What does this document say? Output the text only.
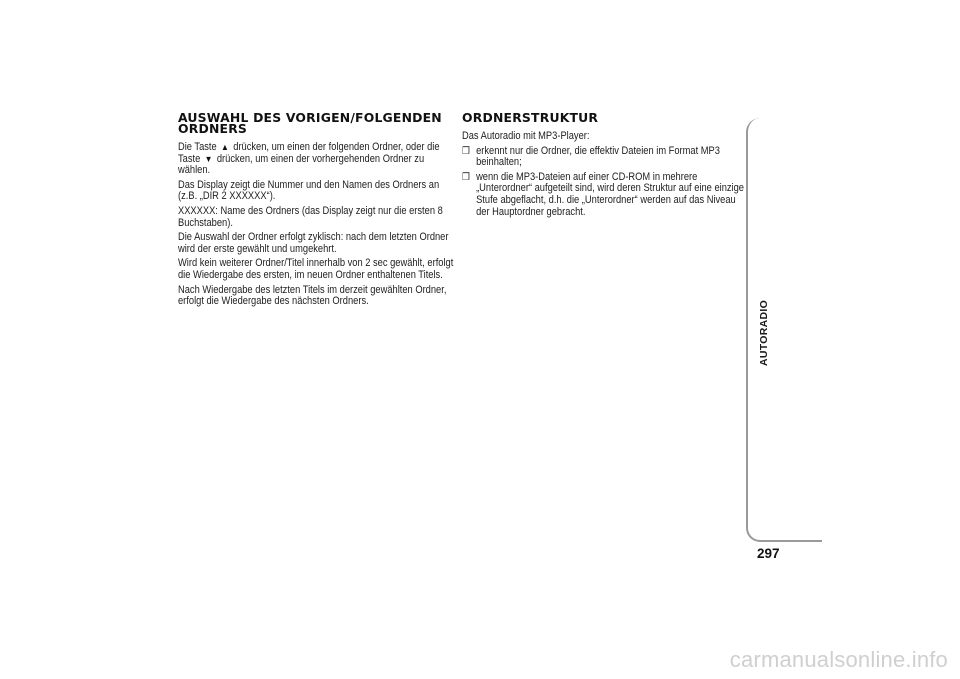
AUSWAHL DES VORIGEN/FOLGENDEN ORDNERS

Die Taste ▲ drücken, um einen der folgenden Ordner, oder die Taste ▼ drücken, um einen der vorhergehenden Ordner zu wählen.

Das Display zeigt die Nummer und den Namen des Ordners an (z.B. „DIR 2 XXXXXX“).

XXXXXX: Name des Ordners (das Display zeigt nur die ersten 8 Buchstaben).

Die Auswahl der Ordner erfolgt zyklisch: nach dem letzten Ordner wird der erste gewählt und umgekehrt.

Wird kein weiterer Ordner/Titel innerhalb von 2 sec gewählt, erfolgt die Wiedergabe des ersten, im neuen Ordner enthaltenen Titels.

Nach Wiedergabe des letzten Titels im derzeit gewählten Ordner, erfolgt die Wiedergabe des nächsten Ordners.

ORDNERSTRUKTUR

Das Autoradio mit MP3-Player:

❒ erkennt nur die Ordner, die effektiv Dateien im Format MP3 beinhalten;
❒ wenn die MP3-Dateien auf einer CD-ROM in mehrere „Unterordner“ aufgeteilt sind, wird deren Struktur auf eine einzige Stufe abgeflacht, d.h. die „Unterordner“ werden auf das Niveau der Hauptordner gebracht.
AUTORADIO
297
carmanualsonline.info
